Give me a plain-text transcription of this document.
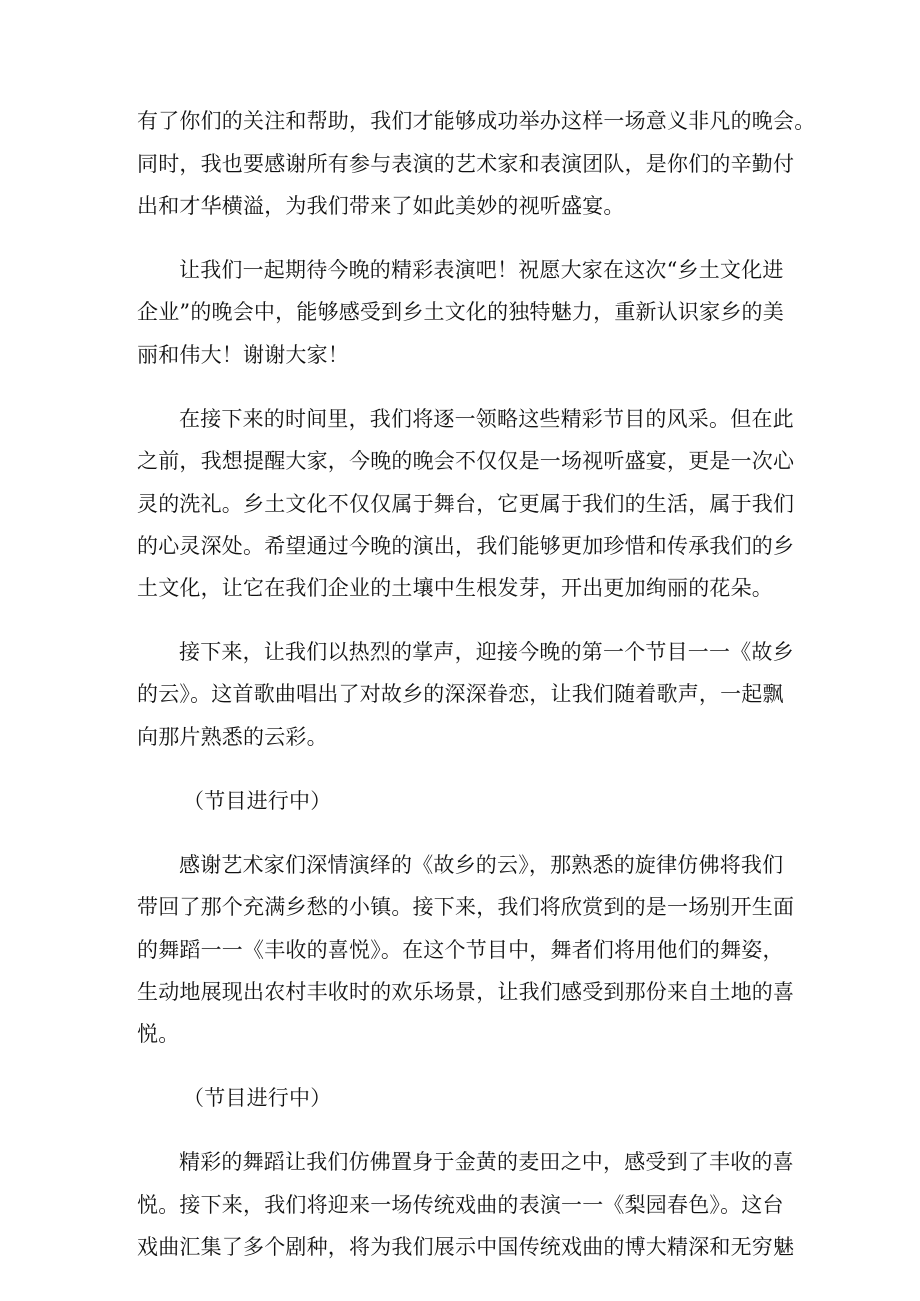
有了你们的关注和帮助，我们才能够成功举办这样一场意义非凡的晚会。
同时，我也要感谢所有参与表演的艺术家和表演团队，是你们的辛勤付
出和才华横溢，为我们带来了如此美妙的视听盛宴。
让我们一起期待今晚的精彩表演吧！祝愿大家在这次“乡土文化进
企业”的晚会中，能够感受到乡土文化的独特魅力，重新认识家乡的美
丽和伟大！谢谢大家！
在接下来的时间里，我们将逐一领略这些精彩节目的风采。但在此
之前，我想提醒大家，今晚的晚会不仅仅是一场视听盛宴，更是一次心
灵的洗礼。乡土文化不仅仅属于舞台，它更属于我们的生活，属于我们
的心灵深处。希望通过今晚的演出，我们能够更加珍惜和传承我们的乡
土文化，让它在我们企业的土壤中生根发芽，开出更加绚丽的花朵。
接下来，让我们以热烈的掌声，迎接今晚的第一个节目一一《故乡
的云》。这首歌曲唱出了对故乡的深深眷恋，让我们随着歌声，一起飘
向那片熟悉的云彩。
（节目进行中）
感谢艺术家们深情演绎的《故乡的云》，那熟悉的旋律仿佛将我们
带回了那个充满乡愁的小镇。接下来，我们将欣赏到的是一场别开生面
的舞蹈一一《丰收的喜悦》。在这个节目中，舞者们将用他们的舞姿，
生动地展现出农村丰收时的欢乐场景，让我们感受到那份来自土地的喜
悦。
（节目进行中）
精彩的舞蹈让我们仿佛置身于金黄的麦田之中，感受到了丰收的喜
悦。接下来，我们将迎来一场传统戏曲的表演一一《梨园春色》。这台
戏曲汇集了多个剧种，将为我们展示中国传统戏曲的博大精深和无穷魅
